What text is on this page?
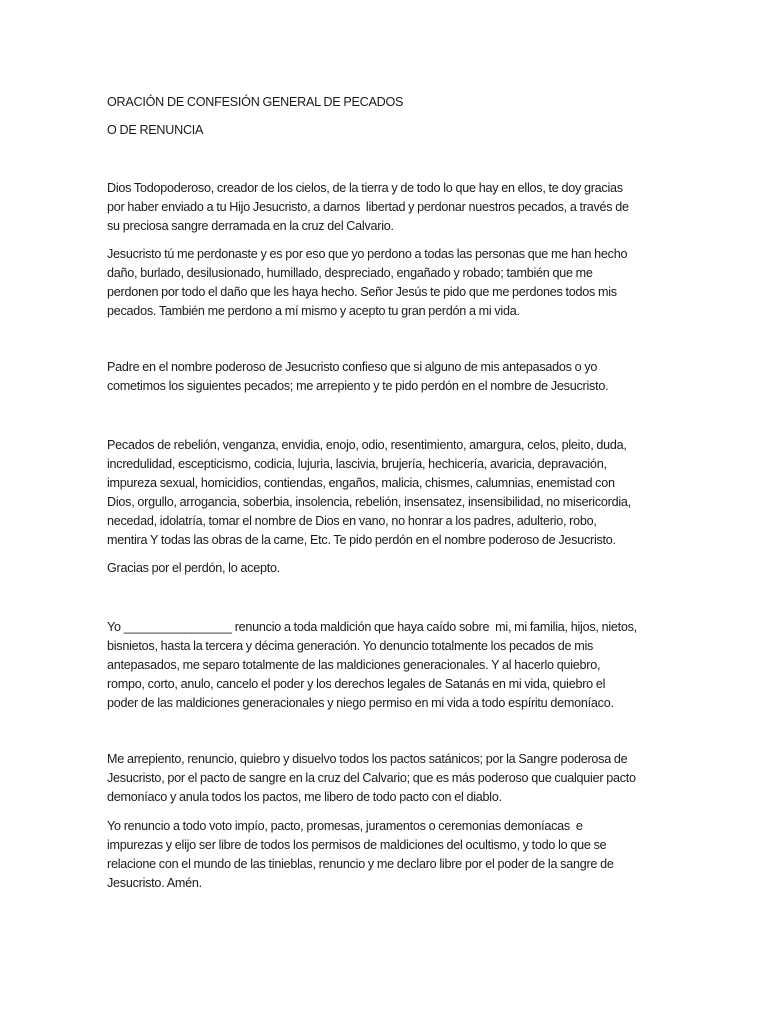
ORACIÓN DE CONFESIÓN GENERAL DE PECADOS
O DE RENUNCIA
Dios Todopoderoso, creador de los cielos, de la tierra y de todo lo que hay en ellos, te doy gracias
por haber enviado a tu Hijo Jesucristo, a darnos  libertad y perdonar nuestros pecados, a través de
su preciosa sangre derramada en la cruz del Calvario.
Jesucristo tú me perdonaste y es por eso que yo perdono a todas las personas que me han hecho
daño, burlado, desilusionado, humillado, despreciado, engañado y robado; también que me
perdonen por todo el daño que les haya hecho. Señor Jesús te pido que me perdones todos mis
pecados. También me perdono a mí mismo y acepto tu gran perdón a mi vida.
Padre en el nombre poderoso de Jesucristo confieso que si alguno de mis antepasados o yo
cometimos los siguientes pecados; me arrepiento y te pido perdón en el nombre de Jesucristo.
Pecados de rebelión, venganza, envidia, enojo, odio, resentimiento, amargura, celos, pleito, duda,
incredulidad, escepticismo, codicia, lujuria, lascivia, brujería, hechicería, avaricia, depravación,
impureza sexual, homicidios, contiendas, engaños, malicia, chismes, calumnias, enemistad con
Dios, orgullo, arrogancia, soberbia, insolencia, rebelión, insensatez, insensibilidad, no misericordia,
necedad, idolatría, tomar el nombre de Dios en vano, no honrar a los padres, adulterio, robo,
mentira Y todas las obras de la carne, Etc. Te pido perdón en el nombre poderoso de Jesucristo.
Gracias por el perdón, lo acepto.
Yo ________________ renuncio a toda maldición que haya caído sobre  mi, mi familia, hijos, nietos,
bisnietos, hasta la tercera y décima generación. Yo denuncio totalmente los pecados de mis
antepasados, me separo totalmente de las maldiciones generacionales. Y al hacerlo quiebro,
rompo, corto, anulo, cancelo el poder y los derechos legales de Satanás en mi vida, quiebro el
poder de las maldiciones generacionales y niego permiso en mi vida a todo espíritu demoníaco.
Me arrepiento, renuncio, quiebro y disuelvo todos los pactos satánicos; por la Sangre poderosa de
Jesucristo, por el pacto de sangre en la cruz del Calvario; que es más poderoso que cualquier pacto
demoníaco y anula todos los pactos, me libero de todo pacto con el diablo.
Yo renuncio a todo voto impío, pacto, promesas, juramentos o ceremonias demoníacas  e
impurezas y elijo ser libre de todos los permisos de maldiciones del ocultismo, y todo lo que se
relacione con el mundo de las tinieblas, renuncio y me declaro libre por el poder de la sangre de
Jesucristo. Amén.
